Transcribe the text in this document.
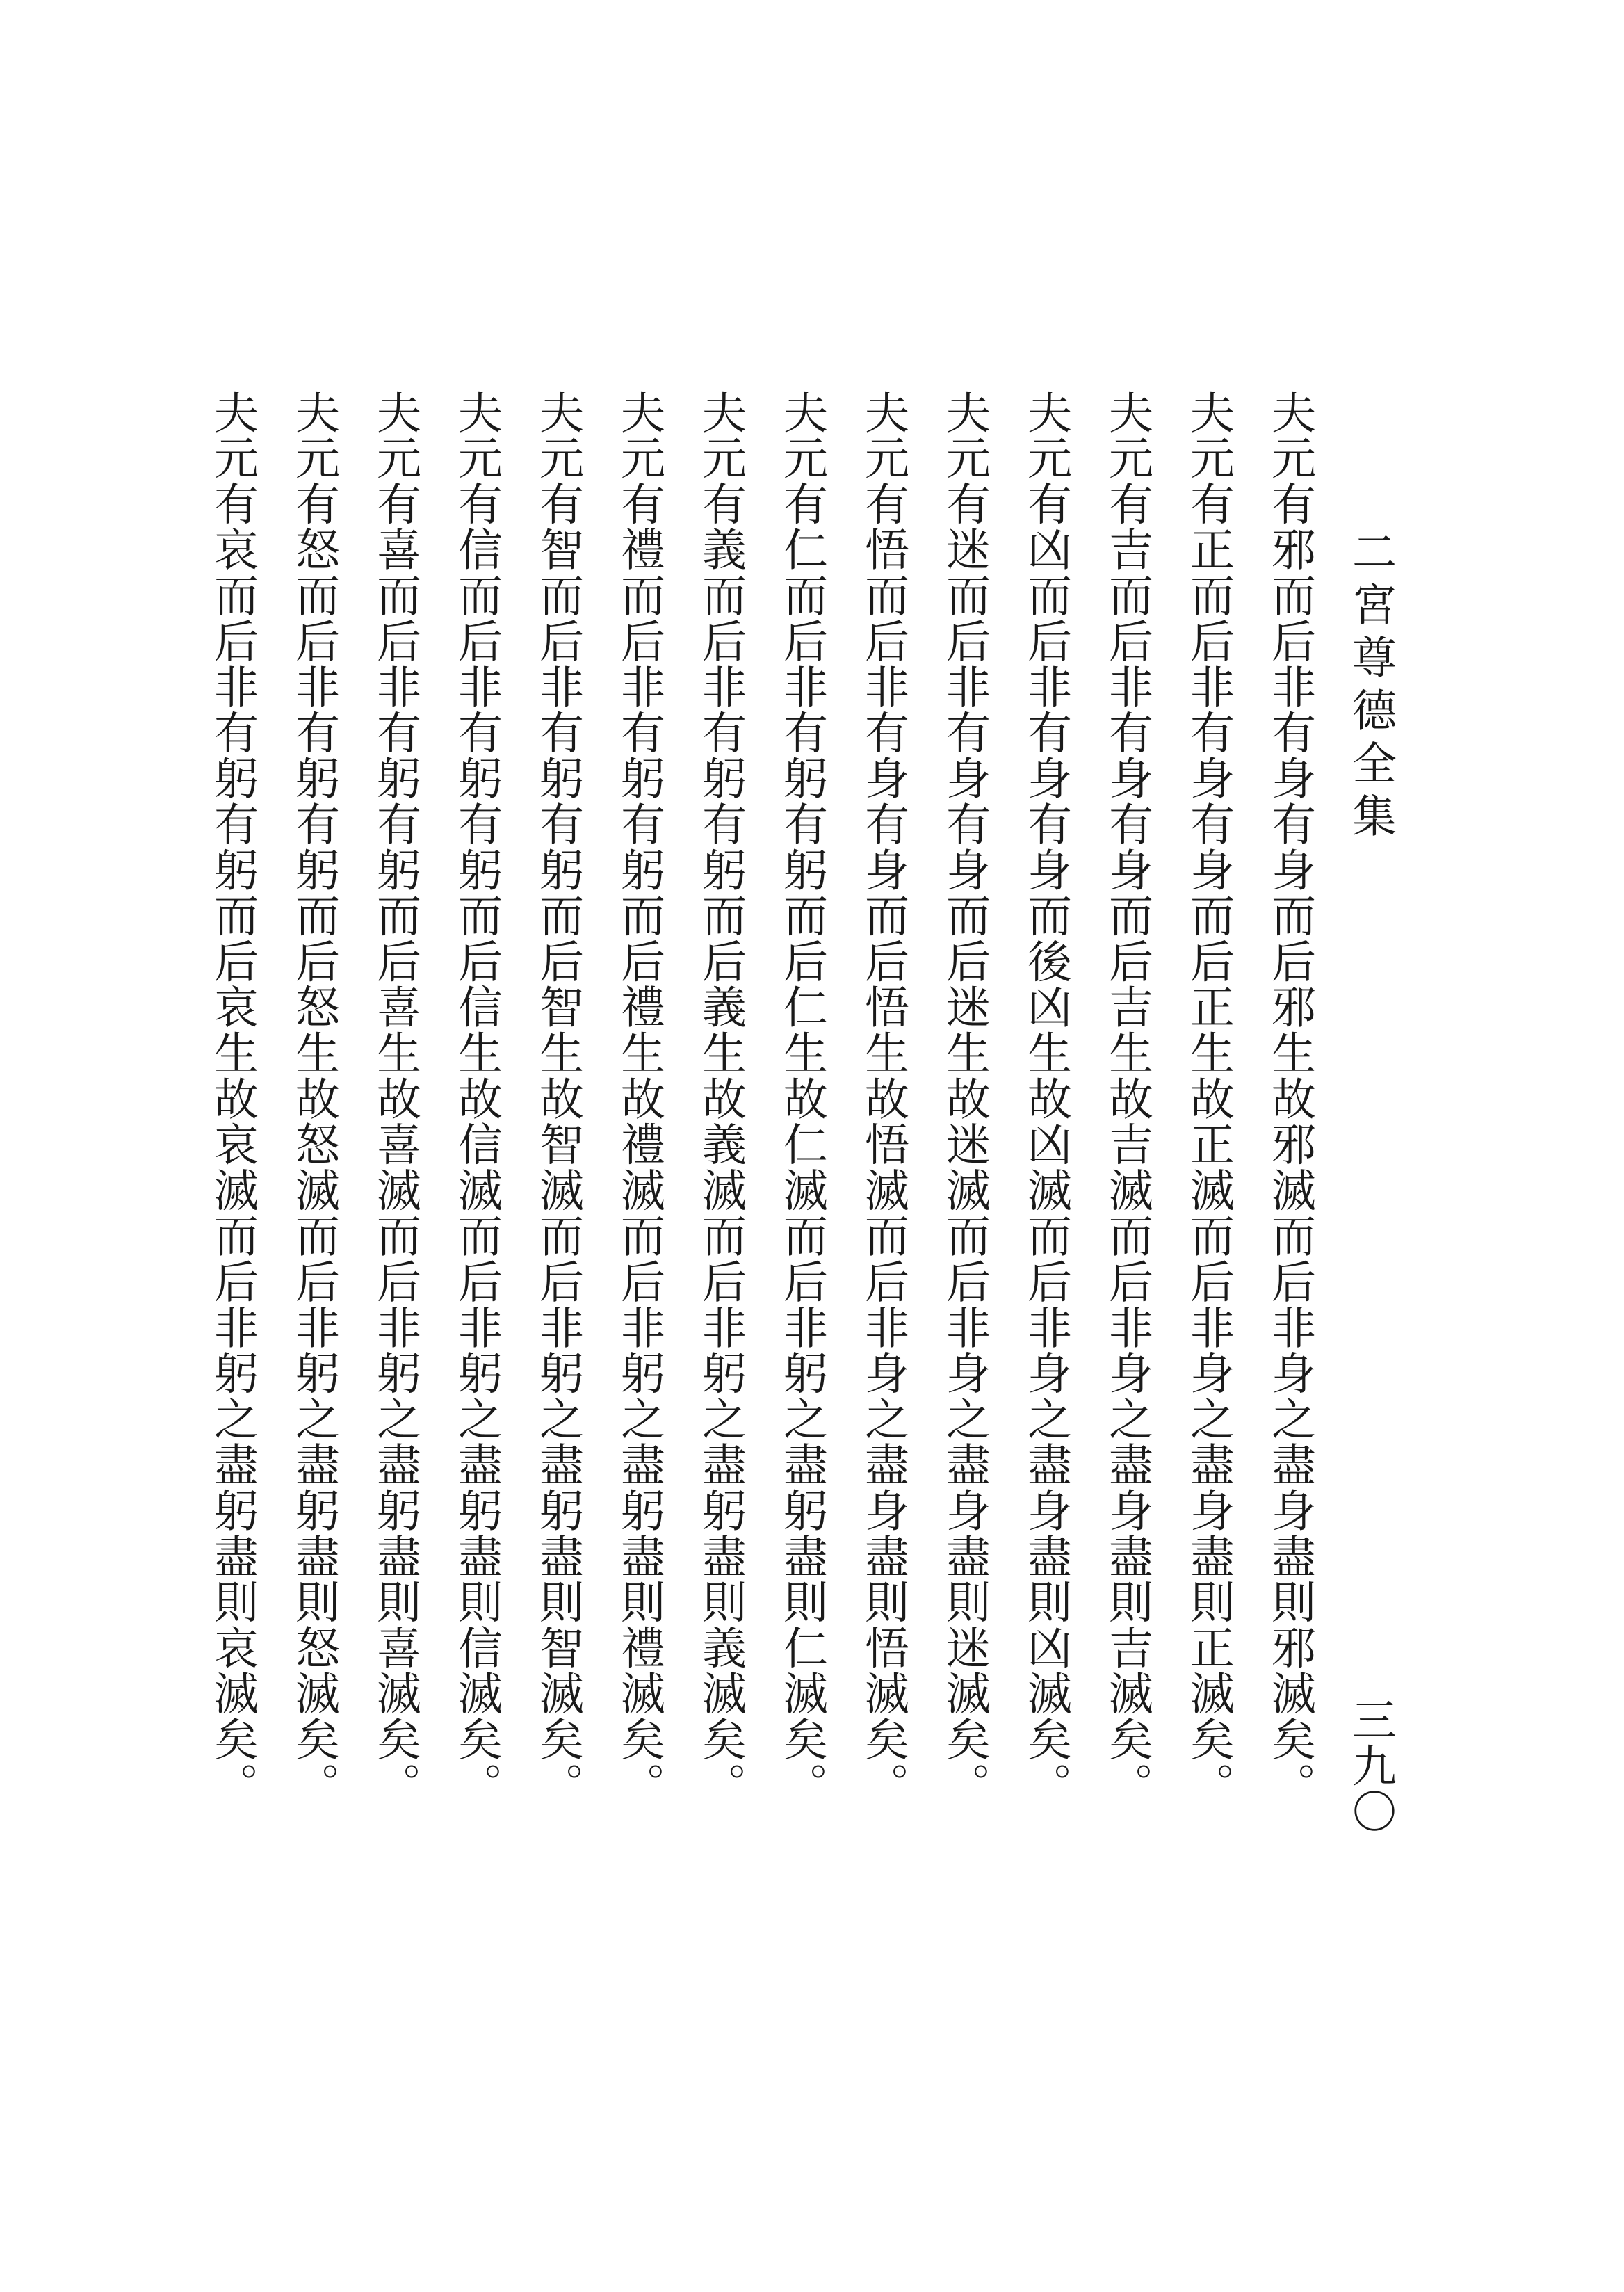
二宮尊德全集
三九〇
夫元有邪而后非有身有身而后邪生故邪滅而后非身之盡身盡則邪滅矣。
夫元有正而后非有身有身而后正生故正滅而后非身之盡身盡則正滅矣。
夫元有吉而后非有身有身而后吉生故吉滅而后非身之盡身盡則吉滅矣。
夫元有凶而后非有身有身而後凶生故凶滅而后非身之盡身盡則凶滅矣。
夫元有迷而后非有身有身而后迷生故迷滅而后非身之盡身盡則迷滅矣。
夫元有悟而后非有身有身而后悟生故悟滅而后非身之盡身盡則悟滅矣。
夫元有仁而后非有躬有躬而后仁生故仁滅而后非躬之盡躬盡則仁滅矣。
夫元有義而后非有躬有躬而后義生故義滅而后非躬之盡躬盡則義滅矣。
夫元有禮而后非有躬有躬而后禮生故禮滅而后非躬之盡躬盡則禮滅矣。
夫元有智而后非有躬有躬而后智生故智滅而后非躬之盡躬盡則智滅矣。
夫元有信而后非有躬有躬而后信生故信滅而后非躬之盡躬盡則信滅矣。
夫元有喜而后非有躬有躬而后喜生故喜滅而后非躬之盡躬盡則喜滅矣。
夫元有怒而后非有躬有躬而后怒生故怒滅而后非躬之盡躬盡則怒滅矣。
夫元有哀而后非有躬有躬而后哀生故哀滅而后非躬之盡躬盡則哀滅矣。
